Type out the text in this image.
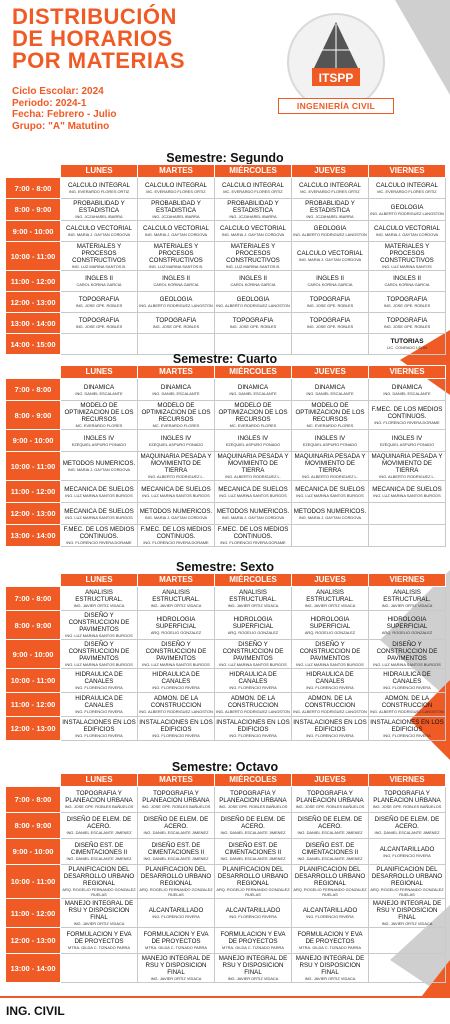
DISTRIBUCIÓN
DE HORARIOS
POR MATERIAS
Ciclo Escolar: 2024
Periodo: 2024-1
Fecha: Febrero - Julio
Grupo: "A" Matutino
ITSPP
INGENIERÍA CIVIL
Semestre: Segundo
	LUNES	MARTES	MIÉRCOLES	JUEVES	VIERNES
7:00 - 8:00	CALCULO INTEGRAL
ING. EVERARDO FLORES ORTIZ	CALCULO INTEGRAL
MC. EVERARDO FLORES ORTIZ	CALCULO INTEGRAL
MC. EVERARDO FLORES ORTIZ	CALCULO INTEGRAL
MC. EVERARDO FLORES ORTIZ	CALCULO INTEGRAL
MC. EVERARDO FLORES ORTIZ

8:00 - 9:00	PROBABILIDAD Y ESTADISTICA
ING. JCZAHAREL IBARRA	PROBABLIDAD Y ESTADISTICA
ING. JCZAHAREL IBARRA	PROBABILIDAD Y ESTADISTICA
ING. JCZAHAREL IBARRA	PROBABLIDAD Y ESTADISTICA
ING. JCZAHAREL IBARRA	GEOLOGIA
ING. ALBERTO RODRIGUEZ LANGSTON

9:00 - 10:00	CALCULO VECTORIAL
ING. MARIA J. GAYTAN CORDOVA	CALCULO VECTORIAL
ING. MARIA J. GAYTAN CORDOVA	CALCULO VECTORIAL
ING. MARIA J. GAYTAN CORDOVA	GEOLOGIA
ING. ALBERTO RODRIGUEZ LANGSTON	CALCULO VECTORIAL
ING. MARIA J. GAYTAN CORDOVA

10:00 - 11:00	MATERIALES Y PROCESOS CONSTRUCTIVOS
ING. LUZ MARINA SANTOS B.	MATERIALES Y PROCESOS CONSTRUCTIVOS
ING. LUZ MARINA SANTOS B.	MATERIALES Y PROCESOS CONSTRUCTIVOS
ING. LUZ MARINA SANTOS B.	CALCULO VECTORIAL
ING. MARIA J. GAYTAN CORDOVA	MATERIALES Y PROCESOS CONSTRUCTIVOS
ING. LUZ MARINA SANTOS

11:00 - 12:00	INGLES II
CAROL KORINA GARCIA	INGLES II
CAROL KORINA GARCIA	INGLES II
CAROL KORINA GARCIA	INGLES II
CAROL KORINA GARCIA	INGLES II
CAROL KORINA GARCIA

12:00 - 13:00	TOPOGRAFIA
ING. JOSE GPE. ROBLES	GEOLOGIA
ING. ALBERTO RODRIGUEZ LANGSTON	GEOLOGIA
ING. ALBERTO RODRIGUEZ LANGSTON	TOPOGRAFIA
ING. JOSE GPE. ROBLES	TOPOGRAFIA
ING. JOSE GPE. ROBLES

13:00 - 14:00	TOPOGRAFIA
ING. JOSE GPE. ROBLES	TOPOGRAFIA
ING. JOSE GPE. ROBLES	TOPOGRAFIA
ING. JOSE GPE. ROBLES	TOPOGRAFIA
ING. JOSE GPE. ROBLES	TOPOGRAFIA
ING. JOSE GPE. ROBLES

14:00 - 15:00					TUTORIAS
LIC. CONRADO LEON
Semestre: Cuarto
	LUNES	MARTES	MIÉRCOLES	JUEVES	VIERNES
7:00 - 8:00	DINAMICA
ING. DANIEL ESCALANTE	DINAMICA
ING. DANIEL ESCALANTE	DINAMICA
ING. DANIEL ESCALANTE	DINAMICA
ING. DANIEL ESCALANTE	DINAMICA
ING. DANIEL ESCALANTE

8:00 - 9:00	MODELO DE OPTIMIZACION DE LOS RECURSOS
MC. EVERARDO FLORES	MODELO DE OPTIMIZACION DE LOS RECURSOS
MC. EVERARDO FLORES	MODELO DE OPTIMIZACION DE LOS RECURSOS
MC. EVERARDO FLORES	MODELO DE OPTIMIZACION DE LOS RECURSOS
MC. EVERARDO FLORES	F.MEC. DE LOS MEDIOS CONTINUOS.
ING. FLORENCIO RIVERA DORAME

9:00 - 10:00	INGLES IV
EZEQUIEL ASPURO PONADO	INGLES IV
EZEQUIEL ASPURO PONADO	INGLES IV
EZEQUIEL ASPURO PONADO	INGLES IV
EZEQUIEL ASPURO PONADO	INGLES IV
EZEQUIEL ASPURO PONADO

10:00 - 11:00	METODOS NUMERICOS.
ING. MARIA J. GAYTAN CORDOVA	MAQUINARIA PESADA Y MOVIMIENTO DE TIERRA
ING. ALBERTO RODRIGUEZ L.	MAQUINARIA PESADA Y MOVIMIENTO DE TIERRA
ING. ALBERTO RODRIGUEZ L.	MAQUINARIA PESADA Y MOVIMIENTO DE TIERRA
ING. ALBERTO RODRIGUEZ L.	MAQUINARIA PESADA Y MOVIMIENTO DE TIERRA
ING. ALBERTO RODRIGUEZ L.

11:00 - 12:00	MECANICA DE SUELOS
ING. LUZ MARINA SANTOS BURGOS	MECANICA DE SUELOS
ING. LUZ MARINA SANTOS BURGOS	MECANICA DE SUELOS
ING. LUZ MARINA SANTOS BURGOS	MECANICA DE SUELOS
ING. LUZ MARINA SANTOS BURGOS	MECANICA DE SUELOS
ING. LUZ MARINA SANTOS BURGOS

12:00 - 13:00	MECANICA DE SUELOS
ING. LUZ MARINA SANTOS BURGOS	METODOS NUMERICOS.
ING. MARIA J. GAYTAN CORDOVA	METODOS NUMERICOS.
ING. MARIA J. GAYTAN CORDOVA	METODOS NUMERICOS.
ING. MARIA J. GAYTAN CORDOVA	

13:00 - 14:00	F.MEC. DE LOS MEDIOS CONTINUOS.
ING. FLORENCIO RIVERA DORAME	F.MEC. DE LOS MEDIOS CONTINUOS.
ING. FLORENCIO RIVERA DORAME	F.MEC. DE LOS MEDIOS CONTINUOS.
ING. FLORENCIO RIVERA DORAME		

Semestre: Sexto
	LUNES	MARTES	MIÉRCOLES	JUEVES	VIERNES
7:00 - 8:00	ANALISIS ESTRUCTURAL.
ING. JAVIER ORTIZ VIDACA	ANALISIS ESTRUCTURAL.
ING. JAVIER ORTIZ VIDACA	ANALISIS ESTRUCTURAL.
ING. JAVIER ORTIZ VIDACA	ANALISIS ESTRUCTURAL.
ING. JAVIER ORTIZ VIDACA	ANALISIS ESTRUCTURAL.
ING. JAVIER ORTIZ VIDACA

8:00 - 9:00	DISEÑO Y CONSTRUCCION DE PAVIMENTOS
ING. LUZ MARINA SANTOS BURGOS	HIDROLOGIA SUPERFICIAL
ARQ. ROGELIO GONZALEZ	HIDROLOGIA SUPERFICIAL
ARQ. ROGELIO GONZALEZ	HIDROLOGIA SUPERFICIAL
ARQ. ROGELIO GONZALEZ	HIDROLOGIA SUPERFICIAL
ARQ. ROGELIO GONZALEZ

9:00 - 10:00	DISEÑO Y CONSTRUCCION DE PAVIMENTOS
ING. LUZ MARINA SANTOS BURGOS	DISEÑO Y CONSTRUCCION DE PAVIMENTOS
ING. LUZ MARINA SANTOS BURGOS	DISEÑO Y CONSTRUCCION DE PAVIMENTOS
ING. LUZ MARINA SANTOS BURGOS	DISEÑO Y CONSTRUCCION DE PAVIMENTOS
ING. LUZ MARINA SANTOS BURGOS	DISEÑO Y CONSTRUCCION DE PAVIMENTOS
ING. LUZ MARINA SANTOS BURGOS

10:00 - 11:00	HIDRAULICA DE CANALES
ING. FLORENCIO RIVERA	HIDRAULICA DE CANALES
ING. FLORENCIO RIVERA	HIDRAULICA DE CANALES
ING. FLORENCIO RIVERA	HIDRAULICA DE CANALES
ING. FLORENCIO RIVERA	HIDRAULICA DE CANALES
ING. FLORENCIO RIVERA

11:00 - 12:00	HIDRAULICA DE CANALES
ING. FLORENCIO RIVERA	ADMON. DE LA CONSTRUCCION
ING. ALBERTO RODRIGUEZ LANGSTON	ADMON. DE LA CONSTRUCCION
ING. ALBERTO RODRIGUEZ LANGSTON	ADMON. DE LA CONSTRUCCION
ING. ALBERTO RODRIGUEZ LANGSTON	ADMON. DE LA CONSTRUCCION
ING. ALBERTO RODRIGUEZ LANGSTON

12:00 - 13:00	INSTALACIONES EN LOS EDIFICIOS
ING. FLORENCIO RIVERA	INSTALACIONES EN LOS EDIFICIOS
ING. FLORENCIO RIVERA	INSTALACIONES EN LOS EDIFICIOS
ING. FLORENCIO RIVERA	INSTALACIONES EN LOS EDIFICIOS
ING. FLORENCIO RIVERA	INSTALACIONES EN LOS EDIFICIOS
ING. FLORENCIO RIVERA
Semestre: Octavo
	LUNES	MARTES	MIÉRCOLES	JUEVES	VIERNES
7:00 - 8:00	TOPOGRAFIA Y PLANEACION URBANA
ING. JOSE GPE. ROBLES BAÑUELOS	TOPOGRAFIA Y PLANEACION URBANA
ING. JOSE GPE. ROBLES BAÑUELOS	TOPOGRAFIA Y PLANEACION URBANA
ING. JOSE GPE. ROBLES BAÑUELOS	TOPOGRAFIA Y PLANEACION URBANA
ING. JOSE GPE. ROBLES BAÑUELOS	TOPOGRAFIA Y PLANEACION URBANA
ING. JOSE GPE. ROBLES BAÑUELOS

8:00 - 9:00	DISEÑO DE ELEM. DE ACERO.
ING. DANIEL ESCALANTE JIMENEZ	DISEÑO DE ELEM. DE ACERO.
ING. DANIEL ESCALANTE JIMENEZ	DISEÑO DE ELEM. DE ACERO.
ING. DANIEL ESCALANTE JIMENEZ	DISEÑO DE ELEM. DE ACERO.
ING. DANIEL ESCALANTE JIMENEZ	DISEÑO DE ELEM. DE ACERO.
ING. DANIEL ESCALANTE JIMENEZ

9:00 - 10:00	DISEÑO EST. DE CIMENTACIONES II
ING. DANIEL ESCALANTE JIMENEZ	DISEÑO EST. DE CIMENTACIONES II
ING. DANIEL ESCALANTE JIMENEZ	DISEÑO EST. DE CIMENTACIONES II
ING. DANIEL ESCALANTE JIMENEZ	DISEÑO EST. DE CIMENTACIONES II
ING. DANIEL ESCALANTE JIMENEZ	ALCANTARILLADO
ING. FLORENCIO RIVERA

10:00 - 11:00	PLANIFICACION DEL DESARROLLO URBANO REGIONAL
ARQ. ROGELIO FERNANDO GONZALEZ RUELAS	PLANIFICACION DEL DESARROLLO URBANO REGIONAL
ARQ. ROGELIO FERNANDO GONZALEZ RUELAS	PLANIFICACION DEL DESARROLLO URBANO REGIONAL
ARQ. ROGELIO FERNANDO GONZALEZ RUELAS	PLANIFICACION DEL DESARROLLO URBANO REGIONAL
ARQ. ROGELIO FERNANDO GONZALEZ RUELAS	PLANIFICACION DEL DESARROLLO URBANO REGIONAL
ARQ. ROGELIO FERNANDO GONZALEZ RUELAS

11:00 - 12:00	MANEJO INTEGRAL DE RSU Y DISPOSICION FINAL
ING. JAVIER ORTIZ VIDACA	ALCANTARILLADO
ING. FLORENCIO RIVERA	ALCANTARILLADO
ING. FLORENCIO RIVERA	ALCANTARILLADO
ING. FLORENCIO RIVERA	MANEJO INTEGRAL DE RSU Y DISPOSICION FINAL
ING. JAVIER ORTIZ VIDACA

12:00 - 13:00	FORMULACION Y EVA DE PROYECTOS
MTRA. GILDA C. TIZNADO PARRA	FORMULACION Y EVA DE PROYECTOS
MTRA. GILDA C. TIZNADO PARRA	FORMULACION Y EVA DE PROYECTOS
MTRA. GILDA C. TIZNADO PARRA	FORMULACION Y EVA DE PROYECTOS
MTRA. GILDA C. TIZNADO PARRA	

13:00 - 14:00		MANEJO INTEGRAL DE RSU Y DISPOSICION FINAL
ING. JAVIER ORTIZ VIDACA	MANEJO INTEGRAL DE RSU Y DISPOSICION FINAL
ING. JAVIER ORTIZ VIDACA	MANEJO INTEGRAL DE RSU Y DISPOSICION FINAL
ING. JAVIER ORTIZ VIDACA	

ING. CIVIL
